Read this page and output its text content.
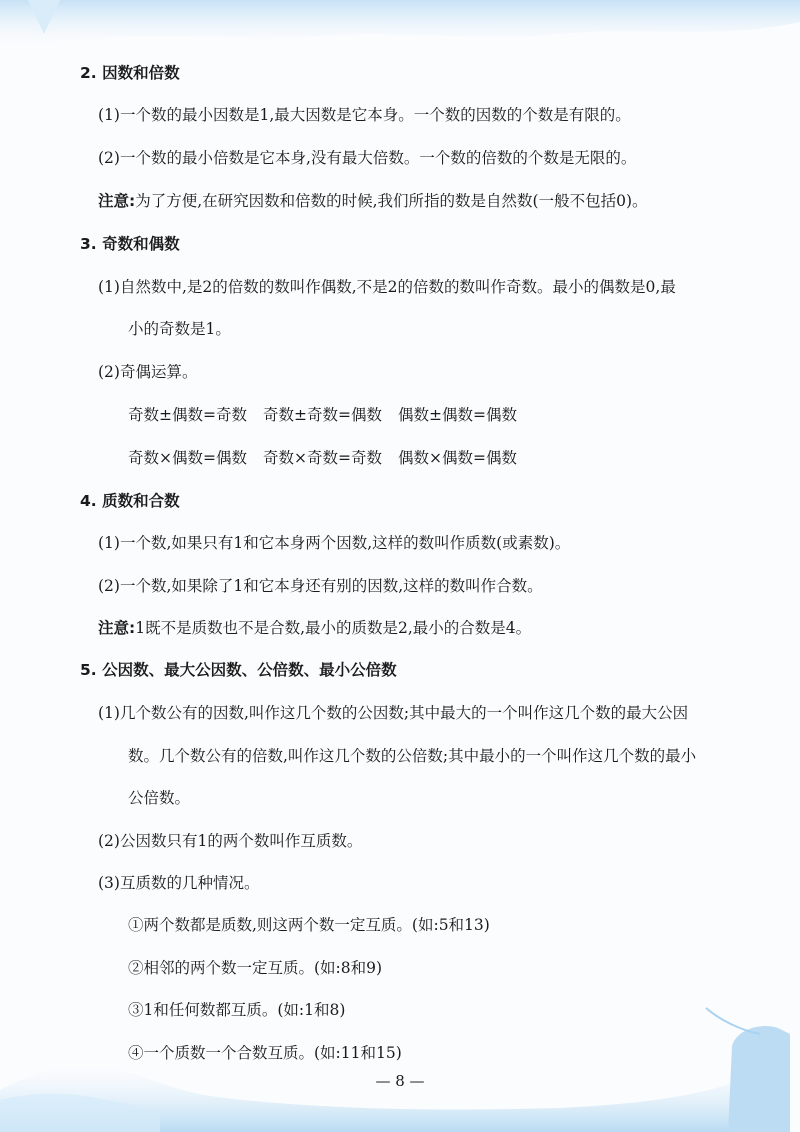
2. 因数和倍数
(1)一个数的最小因数是1,最大因数是它本身。一个数的因数的个数是有限的。
(2)一个数的最小倍数是它本身,没有最大倍数。一个数的倍数的个数是无限的。
注意:为了方便,在研究因数和倍数的时候,我们所指的数是自然数(一般不包括0)。
3. 奇数和偶数
(1)自然数中,是2的倍数的数叫作偶数,不是2的倍数的数叫作奇数。最小的偶数是0,最
小的奇数是1。
(2)奇偶运算。
奇数±偶数=奇数 奇数±奇数=偶数 偶数±偶数=偶数
奇数×偶数=偶数 奇数×奇数=奇数 偶数×偶数=偶数
4. 质数和合数
(1)一个数,如果只有1和它本身两个因数,这样的数叫作质数(或素数)。
(2)一个数,如果除了1和它本身还有别的因数,这样的数叫作合数。
注意:1既不是质数也不是合数,最小的质数是2,最小的合数是4。
5. 公因数、最大公因数、公倍数、最小公倍数
(1)几个数公有的因数,叫作这几个数的公因数;其中最大的一个叫作这几个数的最大公因
数。几个数公有的倍数,叫作这几个数的公倍数;其中最小的一个叫作这几个数的最小
公倍数。
(2)公因数只有1的两个数叫作互质数。
(3)互质数的几种情况。
①两个数都是质数,则这两个数一定互质。(如:5和13)
②相邻的两个数一定互质。(如:8和9)
③1和任何数都互质。(如:1和8)
④一个质数一个合数互质。(如:11和15)
— 8 —
